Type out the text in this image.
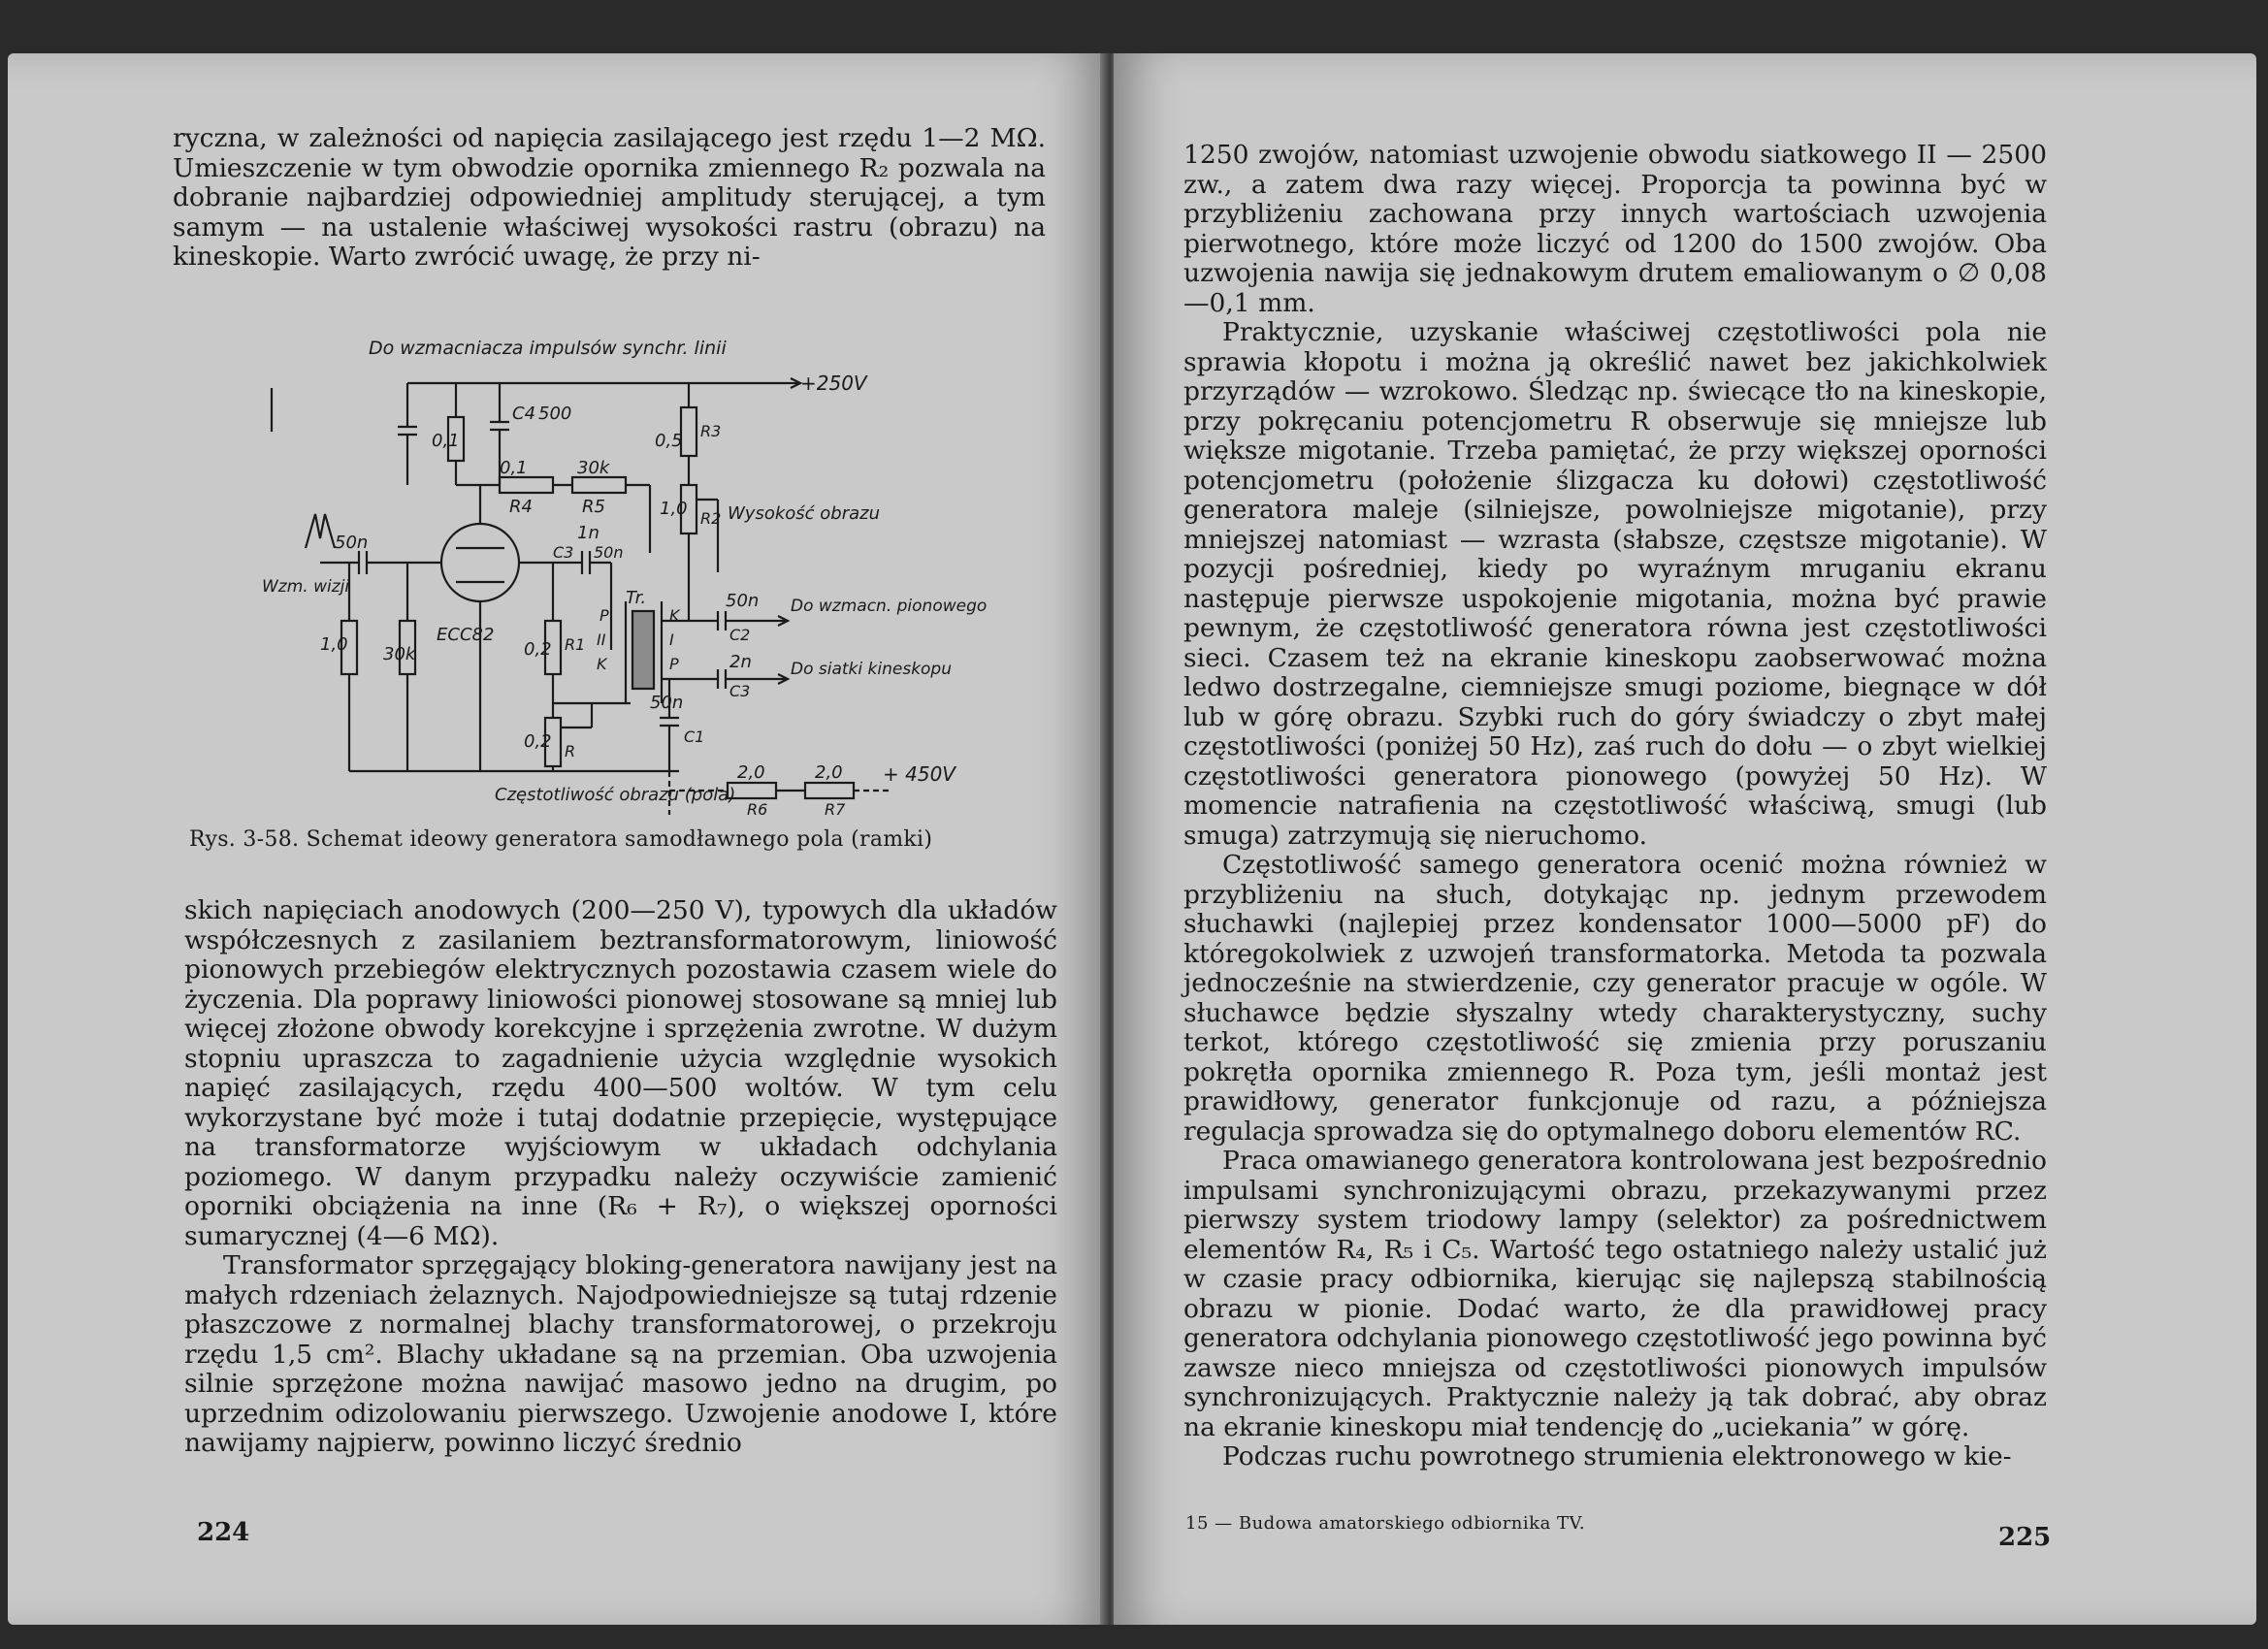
ryczna, w zależności od napięcia zasilającego jest rzędu 1—2 MΩ. Umieszczenie w tym obwodzie opornika zmiennego R₂ pozwala na dobranie najbardziej odpowiedniej amplitudy sterującej, a tym samym — na ustalenie właściwej wysokości rastru (obrazu) na kineskopie. Warto zwrócić uwagę, że przy ni-

Do wzmacniacza impulsów synchr. linii
+250V
+ 450V
Wysokość obrazu
Częstotliwość obrazu (pola)
Wzm. wizji
Do wzmacn. pionowego
Do siatki kineskopu
ECC82
Tr.
C4 500
0,1
0,1
30k
30k
R4	R5
1n
C3 50n
50n
50n
C2
2n
C3
50n
C1
0,5 R3
1,0 R2
0,2
0,2
R1
R
1,0
2,0	2,0
R6	R7
P	K
II	I
P
K
Rys. 3-58. Schemat ideowy generatora samodławnego pola (ramki)

skich napięciach anodowych (200—250 V), typowych dla układów współczesnych z zasilaniem beztransformatorowym, liniowość pionowych przebiegów elektrycznych pozostawia czasem wiele do życzenia. Dla poprawy liniowości pionowej stosowane są mniej lub więcej złożone obwody korekcyjne i sprzężenia zwrotne. W dużym stopniu upraszcza to zagadnienie użycia względnie wysokich napięć zasilających, rzędu 400—500 woltów. W tym celu wykorzystane być może i tutaj dodatnie przepięcie, występujące na transformatorze wyjściowym w układach odchylania poziomego. W danym przypadku należy oczywiście zamienić oporniki obciążenia na inne (R₆ + R₇), o większej oporności sumarycznej (4—6 MΩ).

Transformator sprzęgający bloking-generatora nawijany jest na małych rdzeniach żelaznych. Najodpowiedniejsze są tutaj rdzenie płaszczowe z normalnej blachy transformatorowej, o przekroju rzędu 1,5 cm². Blachy układane są na przemian. Oba uzwojenia silnie sprzężone można nawijać masowo jedno na drugim, po uprzednim odizolowaniu pierwszego. Uzwojenie anodowe I, które nawijamy najpierw, powinno liczyć średnio

224

1250 zwojów, natomiast uzwojenie obwodu siatkowego II — 2500 zw., a zatem dwa razy więcej. Proporcja ta powinna być w przybliżeniu zachowana przy innych wartościach uzwojenia pierwotnego, które może liczyć od 1200 do 1500 zwojów. Oba uzwojenia nawija się jednakowym drutem emaliowanym o ∅ 0,08—0,1 mm.

Praktycznie, uzyskanie właściwej częstotliwości pola nie sprawia kłopotu i można ją określić nawet bez jakichkolwiek przyrządów — wzrokowo. Śledząc np. świecące tło na kineskopie, przy pokręcaniu potencjometru R obserwuje się mniejsze lub większe migotanie. Trzeba pamiętać, że przy większej oporności potencjometru (położenie ślizgacza ku dołowi) częstotliwość generatora maleje (silniejsze, powolniejsze migotanie), przy mniejszej natomiast — wzrasta (słabsze, częstsze migotanie). W pozycji pośredniej, kiedy po wyraźnym mruganiu ekranu następuje pierwsze uspokojenie migotania, można być prawie pewnym, że częstotliwość generatora równa jest częstotliwości sieci. Czasem też na ekranie kineskopu zaobserwować można ledwo dostrzegalne, ciemniejsze smugi poziome, biegnące w dół lub w górę obrazu. Szybki ruch do góry świadczy o zbyt małej częstotliwości (poniżej 50 Hz), zaś ruch do dołu — o zbyt wielkiej częstotliwości generatora pionowego (powyżej 50 Hz). W momencie natrafienia na częstotliwość właściwą, smugi (lub smuga) zatrzymują się nieruchomo.

Częstotliwość samego generatora ocenić można również w przybliżeniu na słuch, dotykając np. jednym przewodem słuchawki (najlepiej przez kondensator 1000—5000 pF) do któregokolwiek z uzwojeń transformatorka. Metoda ta pozwala jednocześnie na stwierdzenie, czy generator pracuje w ogóle. W słuchawce będzie słyszalny wtedy charakterystyczny, suchy terkot, którego częstotliwość się zmienia przy poruszaniu pokrętła opornika zmiennego R. Poza tym, jeśli montaż jest prawidłowy, generator funkcjonuje od razu, a późniejsza regulacja sprowadza się do optymalnego doboru elementów RC.

Praca omawianego generatora kontrolowana jest bezpośrednio impulsami synchronizującymi obrazu, przekazywanymi przez pierwszy system triodowy lampy (selektor) za pośrednictwem elementów R₄, R₅ i C₅. Wartość tego ostatniego należy ustalić już w czasie pracy odbiornika, kierując się najlepszą stabilnością obrazu w pionie. Dodać warto, że dla prawidłowej pracy generatora odchylania pionowego częstotliwość jego powinna być zawsze nieco mniejsza od częstotliwości pionowych impulsów synchronizujących. Praktycznie należy ją tak dobrać, aby obraz na ekranie kineskopu miał tendencję do „uciekania” w górę.

Podczas ruchu powrotnego strumienia elektronowego w kie-

15 — Budowa amatorskiego odbiornika TV.	225
